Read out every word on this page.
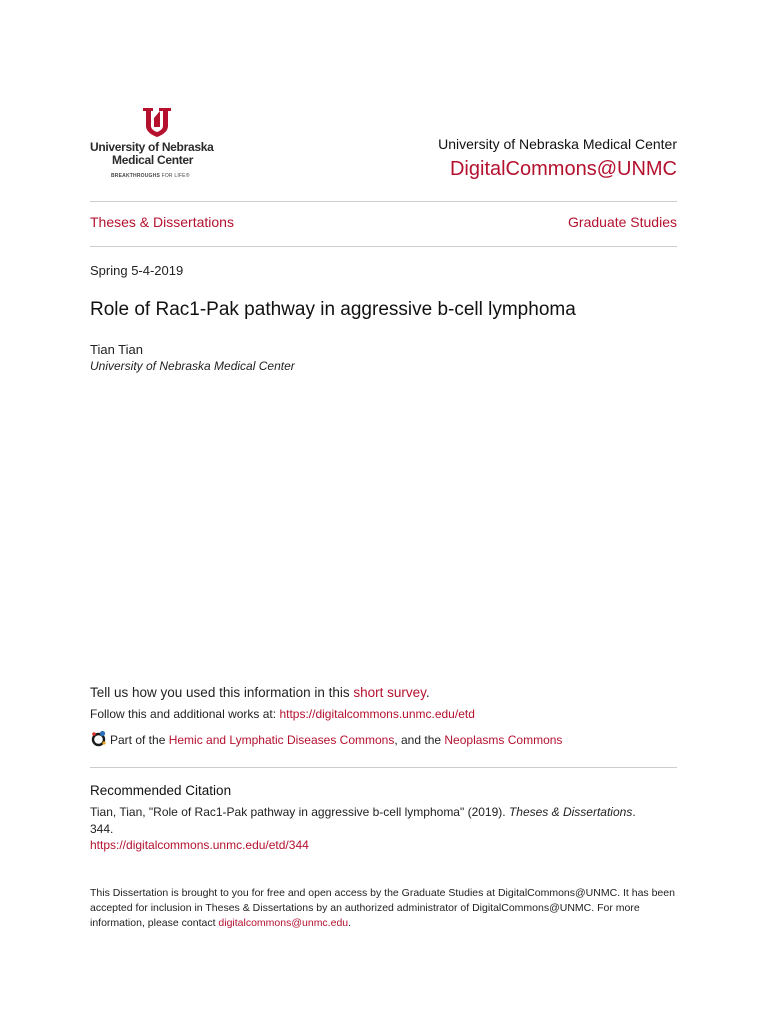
University of Nebraska
Medical Center
BREAKTHROUGHS FOR LIFE®
University of Nebraska Medical Center
DigitalCommons@UNMC
Theses & Dissertations	Graduate Studies
Spring 5-4-2019
Role of Rac1-Pak pathway in aggressive b-cell lymphoma
Tian Tian
University of Nebraska Medical Center
Tell us how you used this information in this short survey.
Follow this and additional works at: https://digitalcommons.unmc.edu/etd
Part of the Hemic and Lymphatic Diseases Commons, and the Neoplasms Commons
Recommended Citation
Tian, Tian, "Role of Rac1-Pak pathway in aggressive b-cell lymphoma" (2019). Theses & Dissertations.
344.
https://digitalcommons.unmc.edu/etd/344
This Dissertation is brought to you for free and open access by the Graduate Studies at DigitalCommons@UNMC. It has been accepted for inclusion in Theses & Dissertations by an authorized administrator of DigitalCommons@UNMC. For more information, please contact digitalcommons@unmc.edu.
